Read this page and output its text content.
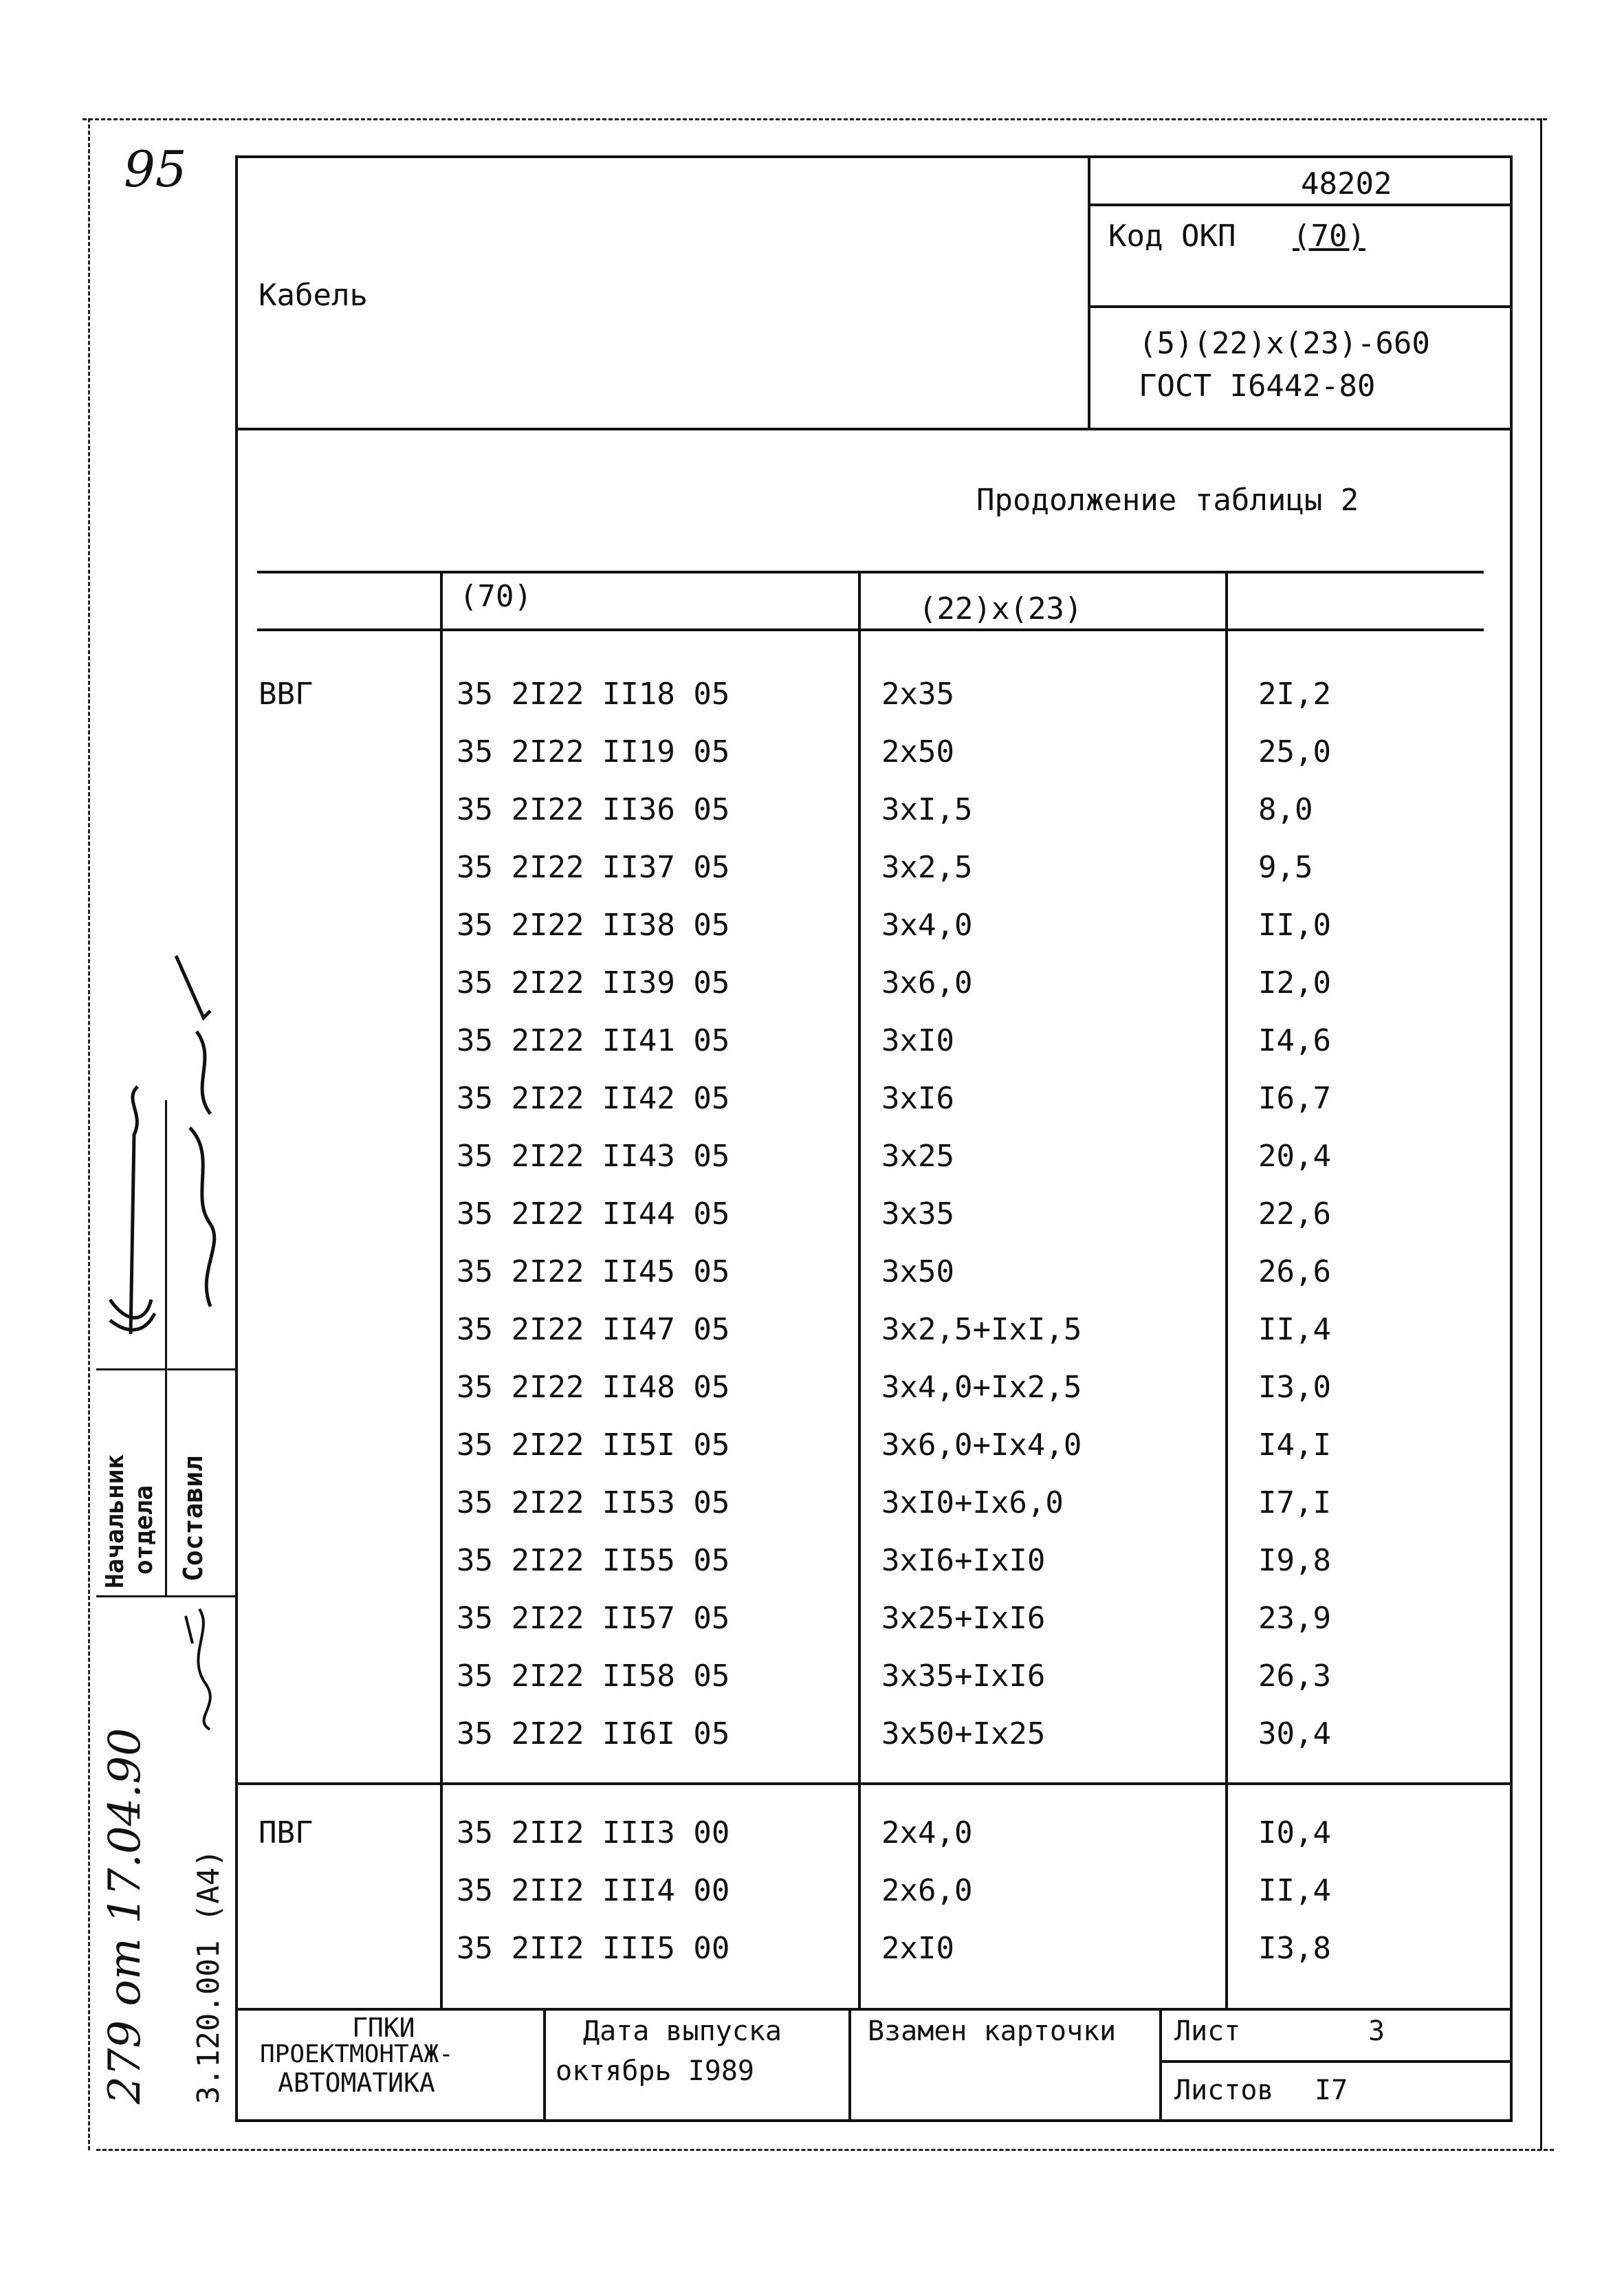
95
Кабель
48202
Код ОКП (70)
(5)(22)x(23)-660
ГОСТ I6442-80
Продолжение таблицы 2
(70)	(22)x(23)
ВВГ	35 2I22 II18 05	2x35	2I,2
35 2I22 II19 05	2x50	25,0
35 2I22 II36 05	3xI,5	8,0
35 2I22 II37 05	3x2,5	9,5
35 2I22 II38 05	3x4,0	II,0
35 2I22 II39 05	3x6,0	I2,0
35 2I22 II41 05	3xI0	I4,6
35 2I22 II42 05	3xI6	I6,7
35 2I22 II43 05	3x25	20,4
35 2I22 II44 05	3x35	22,6
35 2I22 II45 05	3x50	26,6
35 2I22 II47 05	3x2,5+IxI,5	II,4
35 2I22 II48 05	3x4,0+Ix2,5	I3,0
35 2I22 II5I 05	3x6,0+Ix4,0	I4,I
35 2I22 II53 05	3xI0+Ix6,0	I7,I
35 2I22 II55 05	3xI6+IxI0	I9,8
35 2I22 II57 05	3x25+IxI6	23,9
35 2I22 II58 05	3x35+IxI6	26,3
35 2I22 II6I 05	3x50+Ix25	30,4
ПВГ	35 2II2 III3 00	2x4,0	I0,4
35 2II2 III4 00	2x6,0	II,4
35 2II2 III5 00	2xI0	I3,8
ГПКИ
ПРОЕКТМОНТАЖ-
АВТОМАТИКА
Дата выпуска
октябрь I989
Взамен карточки Лист	3
Листов I7
Начальник отдела Составил
3.120.001 (А4)
279 от 17.04.90
